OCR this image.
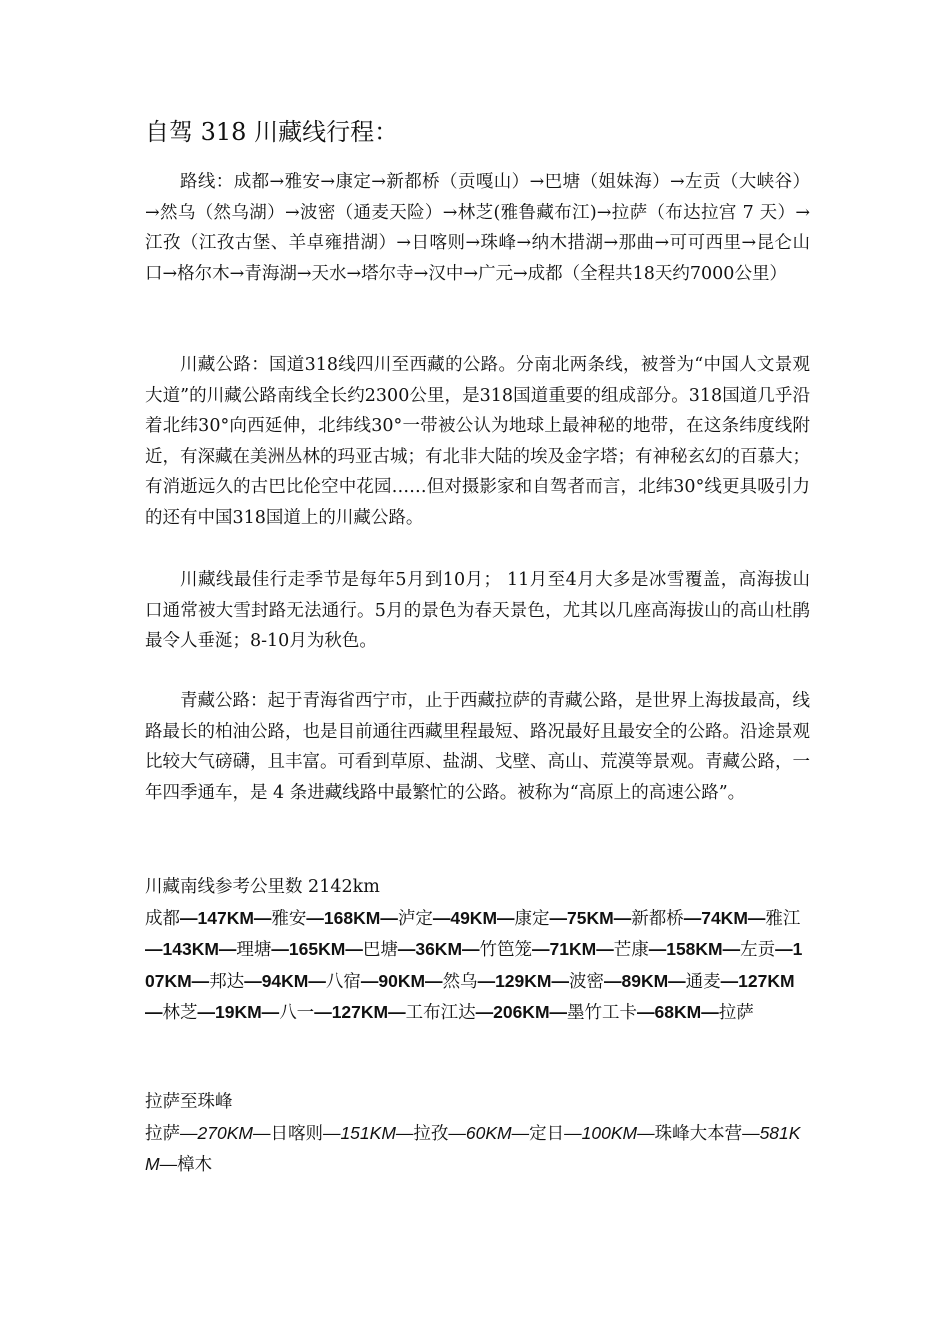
自驾 318 川藏线行程：

路线：成都→雅安→康定→新都桥（贡嘎山）→巴塘（姐妹海）→左贡（大峡谷）→然乌（然乌湖）→波密（通麦天险）→林芝(雅鲁藏布江)→拉萨（布达拉宫 7 天）→江孜（江孜古堡、羊卓雍措湖）→日喀则→珠峰→纳木措湖→那曲→可可西里→昆仑山口→格尔木→青海湖→天水→塔尔寺→汉中→广元→成都（全程共18天约7000公里）

川藏公路：国道318线四川至西藏的公路。分南北两条线，被誉为“中国人文景观大道”的川藏公路南线全长约2300公里，是318国道重要的组成部分。318国道几乎沿着北纬30°向西延伸，北纬线30°一带被公认为地球上最神秘的地带，在这条纬度线附近，有深藏在美洲丛林的玛亚古城；有北非大陆的埃及金字塔；有神秘玄幻的百慕大；有消逝远久的古巴比伦空中花园……但对摄影家和自驾者而言，北纬30°线更具吸引力的还有中国318国道上的川藏公路。

川藏线最佳行走季节是每年5月到10月； 11月至4月大多是冰雪覆盖，高海拔山口通常被大雪封路无法通行。5月的景色为春天景色，尤其以几座高海拔山的高山杜鹃最令人垂涎；8-10月为秋色。

青藏公路：起于青海省西宁市，止于西藏拉萨的青藏公路，是世界上海拔最高，线路最长的柏油公路，也是目前通往西藏里程最短、路况最好且最安全的公路。沿途景观比较大气磅礴，且丰富。可看到草原、盐湖、戈壁、高山、荒漠等景观。青藏公路，一年四季通车，是 4 条进藏线路中最繁忙的公路。被称为“高原上的高速公路”。

川藏南线参考公里数 2142km
成都—147KM—雅安—168KM—泸定—49KM—康定—75KM—新都桥—74KM—雅江—143KM—理塘—165KM—巴塘—36KM—竹笆笼—71KM—芒康—158KM—左贡—107KM—邦达—94KM—八宿—90KM—然乌—129KM—波密—89KM—通麦—127KM—林芝—19KM—八一—127KM—工布江达—206KM—墨竹工卡—68KM—拉萨
拉萨至珠峰
拉萨—270KM—日喀则—151KM—拉孜—60KM—定日—100KM—珠峰大本营—581KM—樟木
